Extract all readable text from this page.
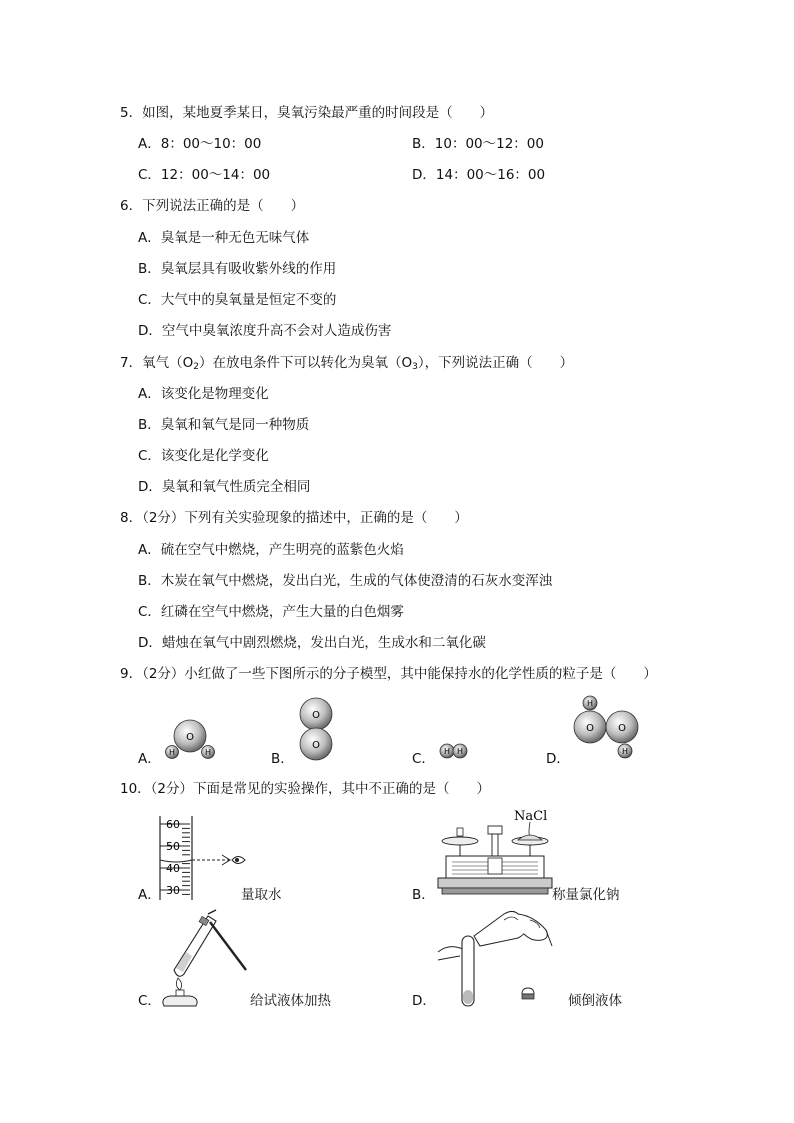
5．如图，某地夏季某日，臭氧污染最严重的时间段是（　　）
A．8：00～10：00	B．10：00～12：00
C．12：00～14：00	D．14：00～16：00
6．下列说法正确的是（　　）
A．臭氧是一种无色无味气体
B．臭氧层具有吸收紫外线的作用
C．大气中的臭氧量是恒定不变的
D．空气中臭氧浓度升高不会对人造成伤害
7．氧气$(O_2)$在放电条件下可以转化为臭氧$(O_3)$，下列说法正确（　　）
A．该变化是物理变化
B．臭氧和氧气是同一种物质
C．该变化是化学变化
D．臭氧和氧气性质完全相同
8．（2分）下列有关实验现象的描述中，正确的是（　　）
A．硫在空气中燃烧，产生明亮的蓝紫色火焰
B．木炭在氧气中燃烧，发出白光，生成的气体使澄清的石灰水变浑浊
C．红磷在空气中燃烧，产生大量的白色烟雾
D．蜡烛在氧气中剧烈燃烧，发出白光，生成水和二氧化碳
9．（2分）小红做了一些下图所示的分子模型，其中能保持水的化学性质的粒子是（　　）
A．
O
H	H	B．
O
O
C． H H	D．
O O
H
H
10．（2分）下面是常见的实验操作，其中不正确的是（　　）
A．
60
50
40
30	量取水	B．
NaCl
称量氯化钠
C．	给试液体加热	D．	倾倒液体
